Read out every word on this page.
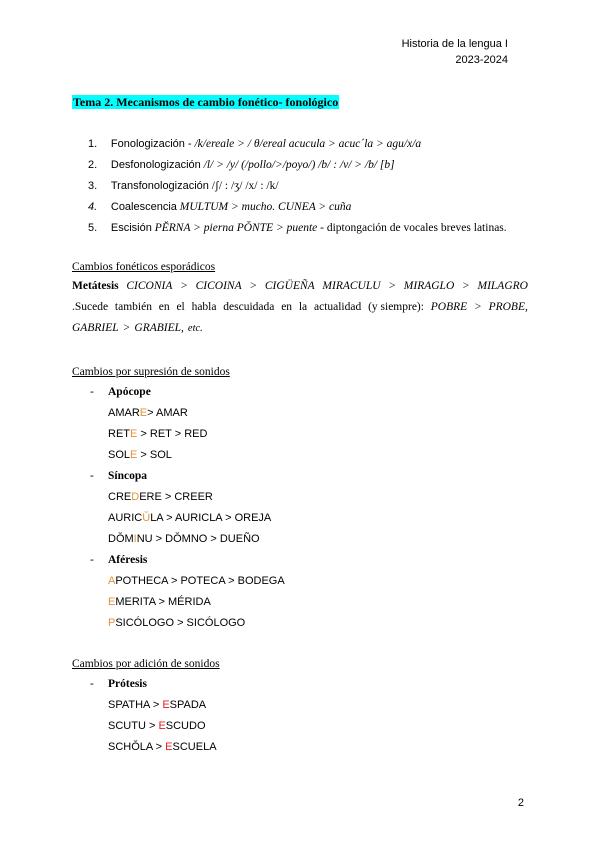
Historia de la lengua I
2023-2024
Tema 2. Mecanismos de cambio fonético- fonológico
1. Fonologización - /k/ereale > / θ/ereal acucula > acuc´la > agu/x/a
2. Desfonologización /l/ > /y/ (/pollo/>/poyo/) /b/ : /v/ > /b/ [b]
3. Transfonologización /ʃ/ : /ʒ/ /x/ : /k/
4. Coalescencia MULTUM > mucho. CUNEA > cuña
5. Escisión PĔRNA > pierna PŎNTE > puente - diptongación de vocales breves latinas.
Cambios fonéticos esporádicos
Metátesis CICONIA > CICOINA > CIGÜEÑA MIRACULU > MIRAGLO > MILAGRO
.Sucede también en el habla descuidada en la actualidad (y siempre): POBRE > PROBE,
GABRIEL > GRABIEL, etc.
Cambios por supresión de sonidos
- Apócope
AMARE> AMAR
RETE > RET > RED
SOLE > SOL
- Síncopa
CREDERE > CREER
AURICŬLA > AURICLA > OREJA
DŎMINU > DŎMNO > DUEÑO
- Aféresis
APOTHECA > POTECA > BODEGA
EMERITA > MÉRIDA
PSICÓLOGO > SICÓLOGO
Cambios por adición de sonidos
- Prótesis
SPATHA > ESPADA
SCUTU > ESCUDO
SCHŎLA > ESCUELA
2
